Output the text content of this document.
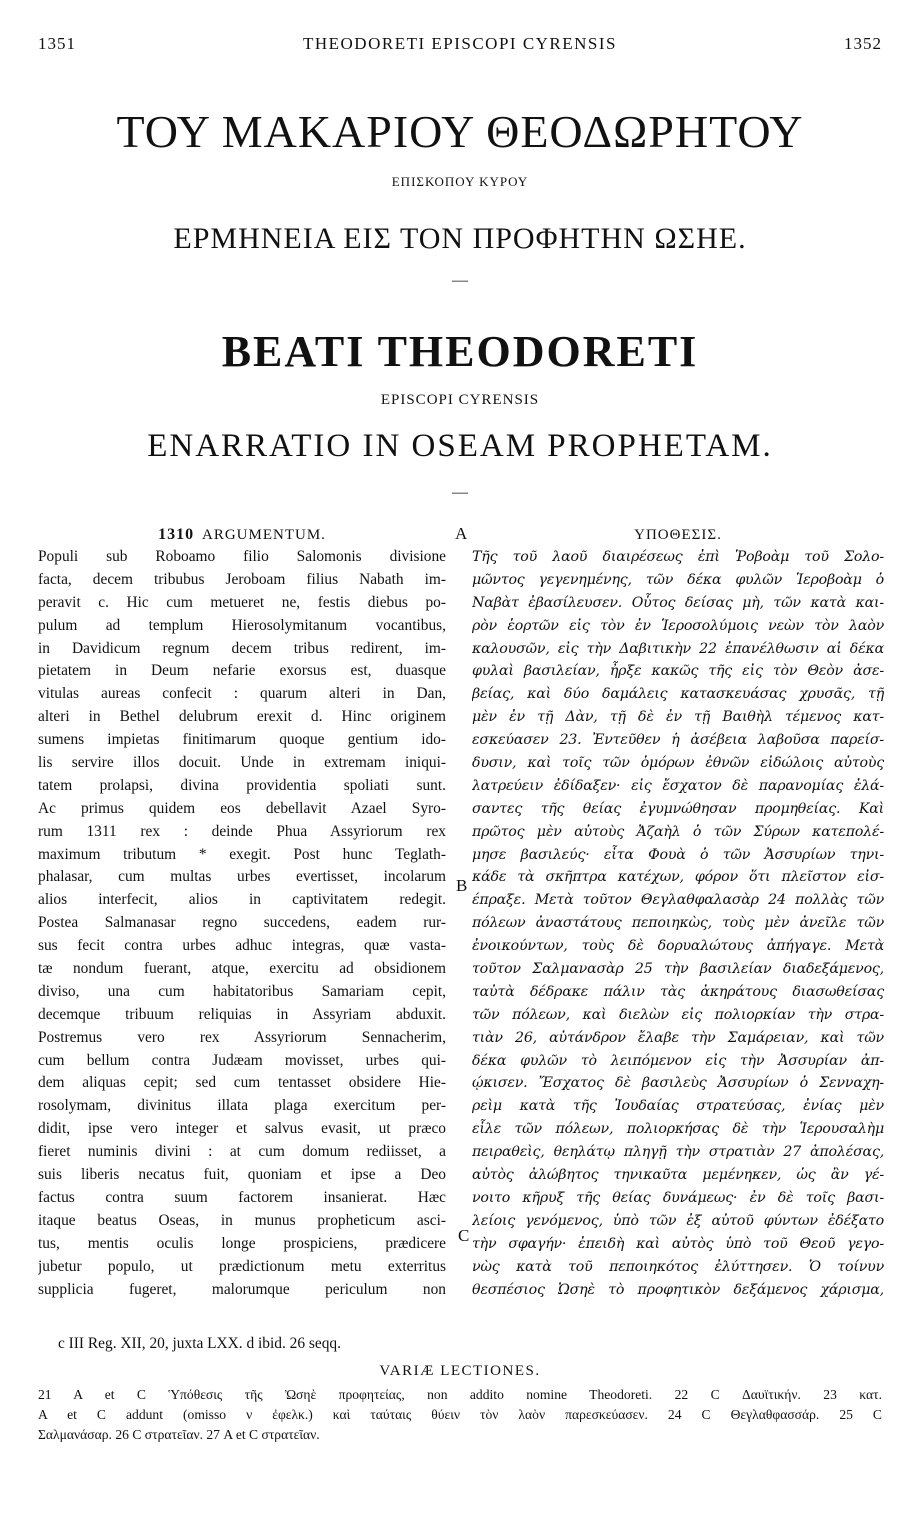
1351	THEODORETI EPISCOPI CYRENSIS	1352
ΤΟΥ ΜΑΚΑΡΙΟΥ ΘΕΟΔΩΡΗΤΟΥ
ΕΠΙΣΚΟΠΟΥ ΚΥΡΟΥ
ΕΡΜΗΝΕΙΑ ΕΙΣ ΤΟΝ ΠΡΟΦΗΤΗΝ ΩΣΗΕ.
—
BEATI THEODORETI
EPISCOPI CYRENSIS
ENARRATIO IN OSEAM PROPHETAM.
—
1310 ARGUMENTUM.
Populi sub Roboamo filio Salomonis divisione
facta, decem tribubus Jeroboam filius Nabath im-
peravit c. Hic cum metueret ne, festis diebus po-
pulum ad templum Hierosolymitanum vocantibus,
in Davidicum regnum decem tribus redirent, im-
pietatem in Deum nefarie exorsus est, duasque
vitulas aureas confecit : quarum alteri in Dan,
alteri in Bethel delubrum erexit d. Hinc originem
sumens impietas finitimarum quoque gentium ido-
lis servire illos docuit. Unde in extremam iniqui-
tatem prolapsi, divina providentia spoliati sunt.
Ac primus quidem eos debellavit Azael Syro-
rum 1311 rex : deinde Phua Assyriorum rex
maximum tributum * exegit. Post hunc Teglath-
phalasar, cum multas urbes evertisset, incolarum
alios interfecit, alios in captivitatem redegit.
Postea Salmanasar regno succedens, eadem rur-
sus fecit contra urbes adhuc integras, quæ vasta-
tæ nondum fuerant, atque, exercitu ad obsidionem
diviso, una cum habitatoribus Samariam cepit,
decemque tribuum reliquias in Assyriam abduxit.
Postremus vero rex Assyriorum Sennacherim,
cum bellum contra Judæam movisset, urbes qui-
dem aliquas cepit; sed cum tentasset obsidere Hie-
rosolymam, divinitus illata plaga exercitum per-
didit, ipse vero integer et salvus evasit, ut præco
fieret numinis divini : at cum domum rediisset, a
suis liberis necatus fuit, quoniam et ipse a Deo
factus contra suum factorem insanierat. Hæc
itaque beatus Oseas, in munus propheticum asci-
tus, mentis oculis longe prospiciens, prædicere
jubetur populo, ut prædictionum metu exterritus
supplicia fugeret, malorumque periculum non
A
B
C
ΥΠΟΘΕΣΙΣ.
Τῆς τοῦ λαοῦ διαιρέσεως ἐπὶ Ῥοβοὰμ τοῦ Σολο-
μῶντος γεγενημένης, τῶν δέκα φυλῶν Ἱεροβοὰμ ὁ
Ναβὰτ ἐβασίλευσεν. Οὗτος δείσας μὴ, τῶν κατὰ και-
ρὸν ἑορτῶν εἰς τὸν ἐν Ἱεροσολύμοις νεὼν τὸν λαὸν
καλουσῶν, εἰς τὴν Δαβιτικὴν 22 ἐπανέλθωσιν αἱ δέκα
φυλαὶ βασιλείαν, ἦρξε κακῶς τῆς εἰς τὸν Θεὸν ἀσε-
βείας, καὶ δύο δαμάλεις κατασκευάσας χρυσᾶς, τῇ
μὲν ἐν τῇ Δὰν, τῇ δὲ ἐν τῇ Βαιθὴλ τέμενος κατ-
εσκεύασεν 23. Ἐντεῦθεν ἡ ἀσέβεια λαβοῦσα παρείσ-
δυσιν, καὶ τοῖς τῶν ὁμόρων ἐθνῶν εἰδώλοις αὐτοὺς
λατρεύειν ἐδίδαξεν· εἰς ἔσχατον δὲ παρανομίας ἐλά-
σαντες τῆς θείας ἐγυμνώθησαν προμηθείας. Καὶ
πρῶτος μὲν αὐτοὺς Ἀζαὴλ ὁ τῶν Σύρων κατεπολέ-
μησε βασιλεύς· εἶτα Φουὰ ὁ τῶν Ἀσσυρίων τηνι-
κάδε τὰ σκῆπτρα κατέχων, φόρον ὅτι πλεῖστον εἰσ-
έπραξε. Μετὰ τοῦτον Θεγλαθφαλασὰρ 24 πολλὰς τῶν
πόλεων ἀναστάτους πεποιηκὼς, τοὺς μὲν ἀνεῖλε τῶν
ἐνοικούντων, τοὺς δὲ δορυαλώτους ἀπήγαγε. Μετὰ
τοῦτον Σαλμανασὰρ 25 τὴν βασιλείαν διαδεξάμενος,
ταὐτὰ δέδρακε πάλιν τὰς ἀκηράτους διασωθείσας
τῶν πόλεων, καὶ διελὼν εἰς πολιορκίαν τὴν στρα-
τιὰν 26, αὐτάνδρον ἔλαβε τὴν Σαμάρειαν, καὶ τῶν
δέκα φυλῶν τὸ λειπόμενον εἰς τὴν Ἀσσυρίαν ἀπ-
ῴκισεν. Ἔσχατος δὲ βασιλεὺς Ἀσσυρίων ὁ Σενναχη-
ρεὶμ κατὰ τῆς Ἰουδαίας στρατεύσας, ἐνίας μὲν
εἷλε τῶν πόλεων, πολιορκήσας δὲ τὴν Ἱερουσαλὴμ
πειραθεὶς, θεηλάτῳ πληγῇ τὴν στρατιὰν 27 ἀπολέσας,
αὐτὸς ἀλώβητος τηνικαῦτα μεμένηκεν, ὡς ἂν γέ-
νοιτο κῆρυξ τῆς θείας δυνάμεως· ἐν δὲ τοῖς βασι-
λείοις γενόμενος, ὑπὸ τῶν ἐξ αὐτοῦ φύντων ἐδέξατο
τὴν σφαγήν· ἐπειδὴ καὶ αὐτὸς ὑπὸ τοῦ Θεοῦ γεγο-
νὼς κατὰ τοῦ πεποιηκότος ἐλύττησεν. Ὁ τοίνυν
θεσπέσιος Ὠσηὲ τὸ προφητικὸν δεξάμενος χάρισμα,
c III Reg. XII, 20, juxta LXX. d ibid. 26 seqq.
VARIÆ LECTIONES.
21 A et C Ὑπόθεσις τῆς Ὠσηὲ προφητείας, non addito nomine Theodoreti. 22 C Δαυϊτικήν. 23 κατ.
A et C addunt (omisso ν ἐφελκ.) καὶ ταύταις θύειν τὸν λαὸν παρεσκεύασεν. 24 C Θεγλαθφασσάρ. 25 C
Σαλμανάσαρ. 26 C στρατεῖαν. 27 A et C στρατεῖαν.
